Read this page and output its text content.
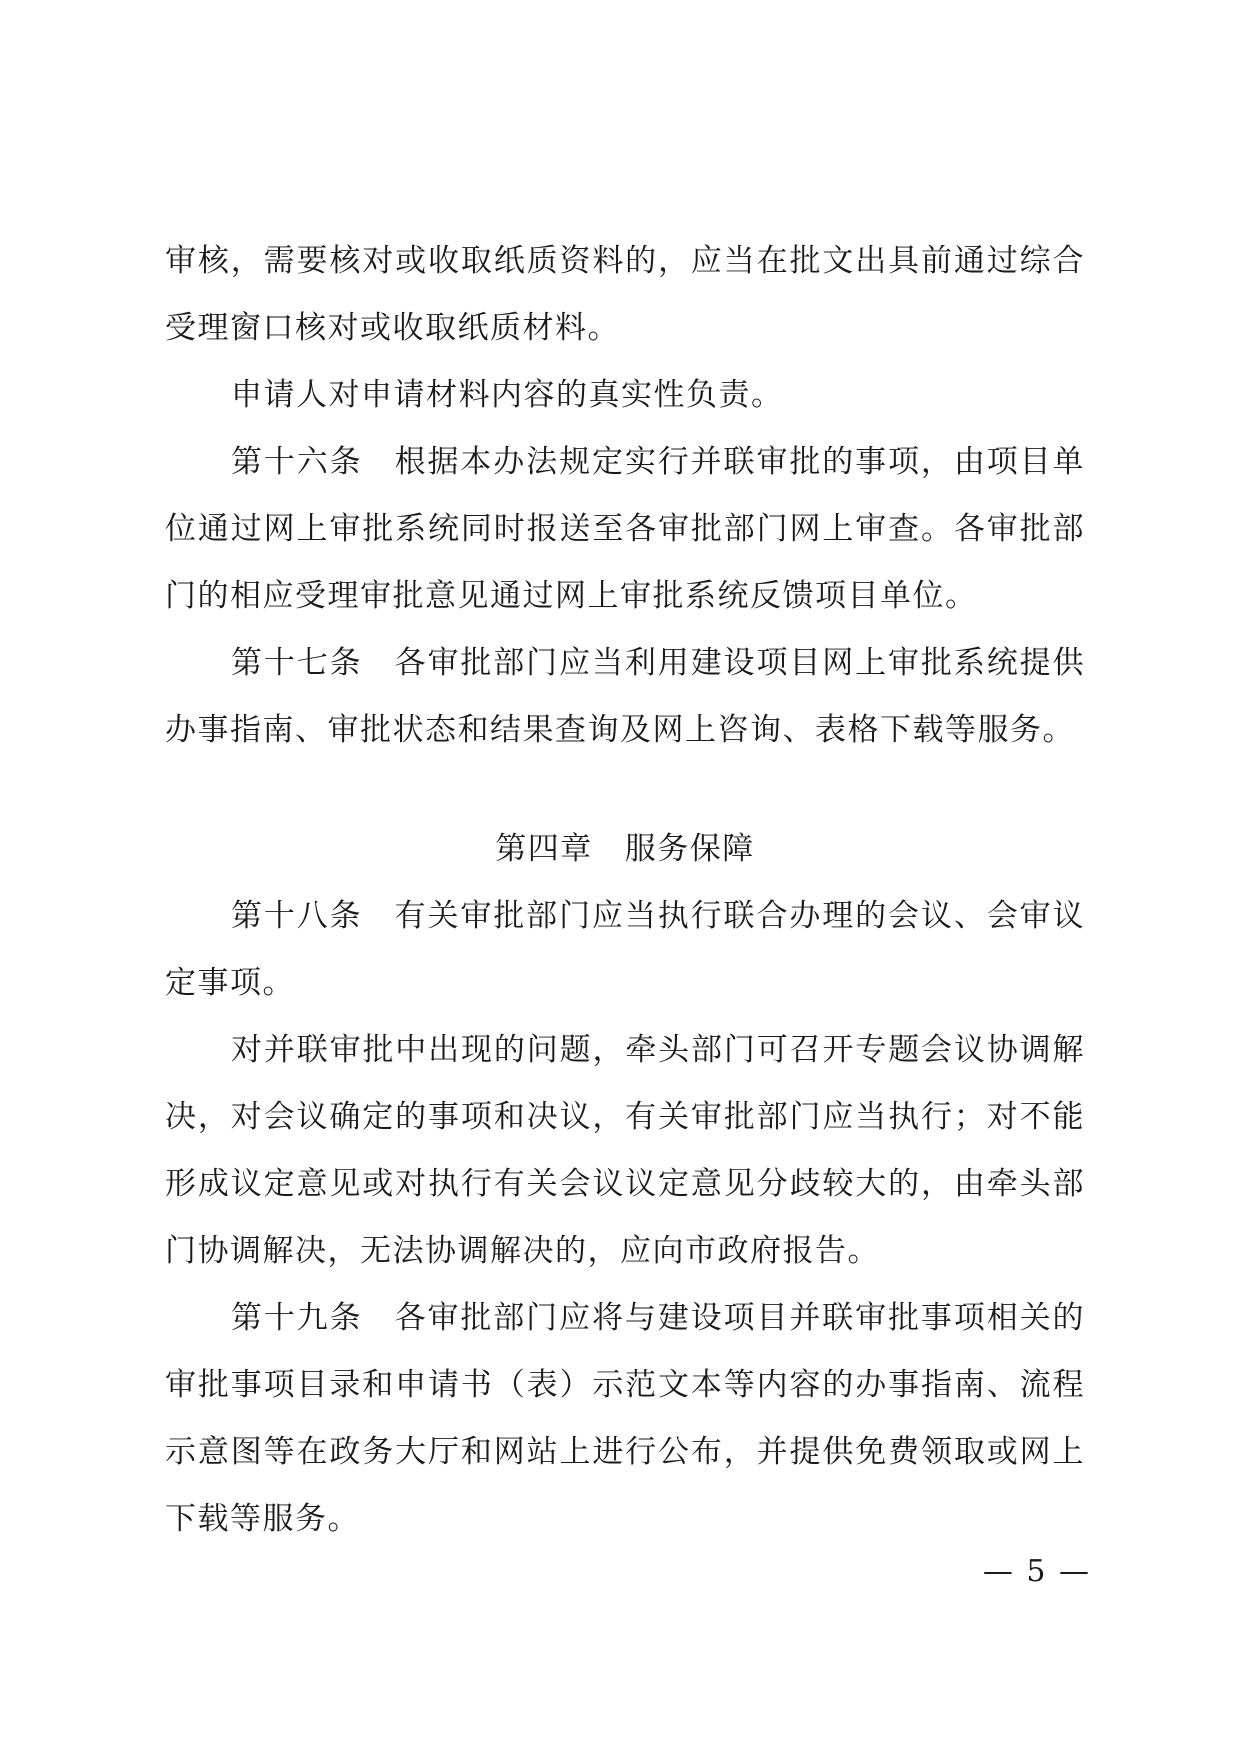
审核，需要核对或收取纸质资料的，应当在批文出具前通过综合受理窗口核对或收取纸质材料。

申请人对申请材料内容的真实性负责。

第十六条 根据本办法规定实行并联审批的事项，由项目单位通过网上审批系统同时报送至各审批部门网上审查。各审批部门的相应受理审批意见通过网上审批系统反馈项目单位。

第十七条 各审批部门应当利用建设项目网上审批系统提供办事指南、审批状态和结果查询及网上咨询、表格下载等服务。

第四章 服务保障

第十八条 有关审批部门应当执行联合办理的会议、会审议定事项。

对并联审批中出现的问题，牵头部门可召开专题会议协调解决，对会议确定的事项和决议，有关审批部门应当执行；对不能形成议定意见或对执行有关会议议定意见分歧较大的，由牵头部门协调解决，无法协调解决的，应向市政府报告。

第十九条 各审批部门应将与建设项目并联审批事项相关的审批事项目录和申请书（表）示范文本等内容的办事指南、流程示意图等在政务大厅和网站上进行公布，并提供免费领取或网上下载等服务。

— 5 —
